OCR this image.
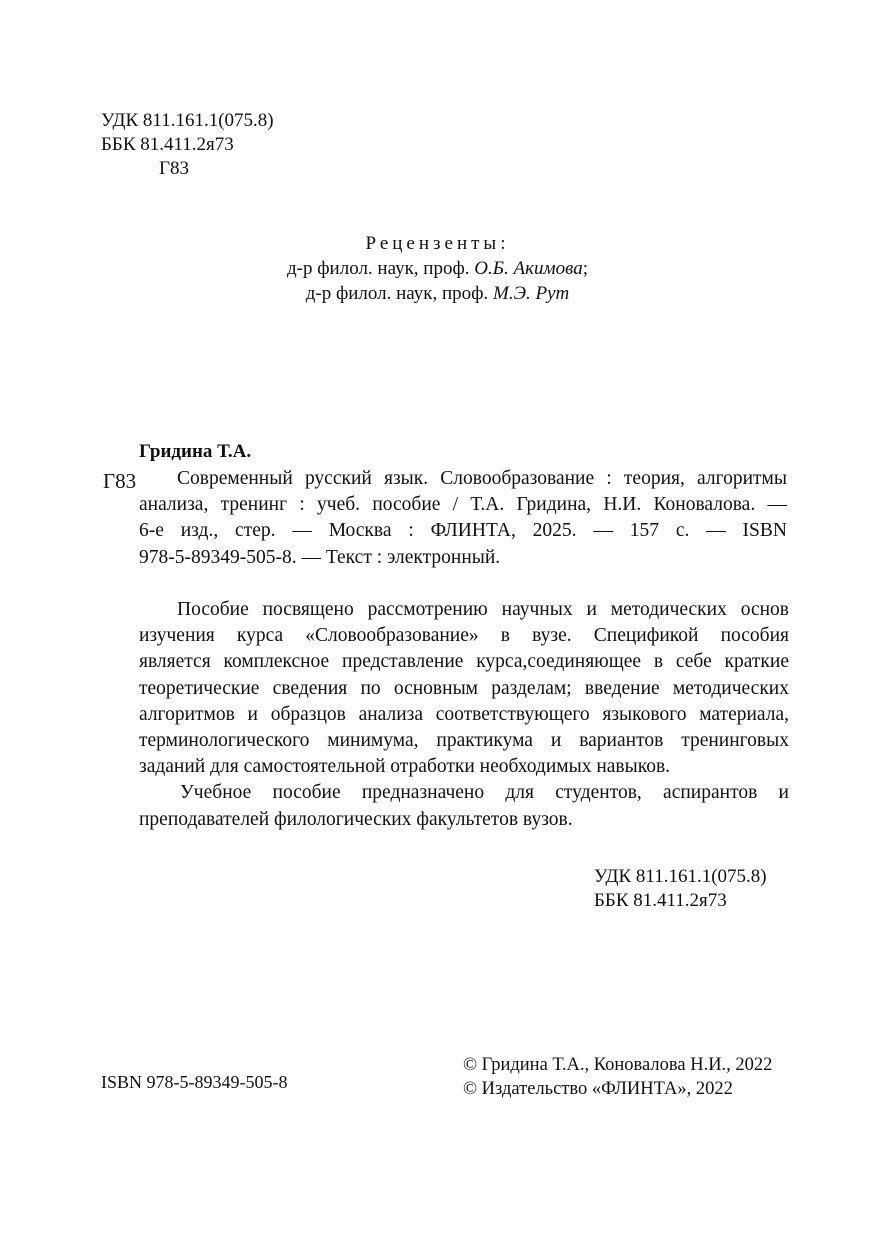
УДК 811.161.1(075.8)
ББК 81.411.2я73
Г83
Рецензенты:
д-р филол. наук, проф. О.Б. Акимова;
д-р филол. наук, проф. М.Э. Рут
Гридина Т.А.
Г83	Современный русский язык. Словообразование : теория, алгоритмы
анализа, тренинг : учеб. пособие / Т.А. Гридина, Н.И. Коновалова. —
6-е изд., стер. — Москва : ФЛИНТА, 2025. — 157 с. — ISBN
978-5-89349-505-8. — Текст : электронный.
Пособие посвящено рассмотрению научных и методических основ
изучения курса «Словообразование» в вузе. Спецификой пособия
является комплексное представление курса,соединяющее в себе краткие
теоретические сведения по основным разделам; введение методических
алгоритмов и образцов анализа соответствующего языкового материала,
терминологического минимума, практикума и вариантов тренинговых
заданий для самостоятельной отработки необходимых навыков.
Учебное пособие предназначено для студентов, аспирантов и
преподавателей филологических факультетов вузов.
УДК 811.161.1(075.8)
ББК 81.411.2я73
ISBN 978-5-89349-505-8
© Гридина Т.А., Коновалова Н.И., 2022
© Издательство «ФЛИНТА», 2022
